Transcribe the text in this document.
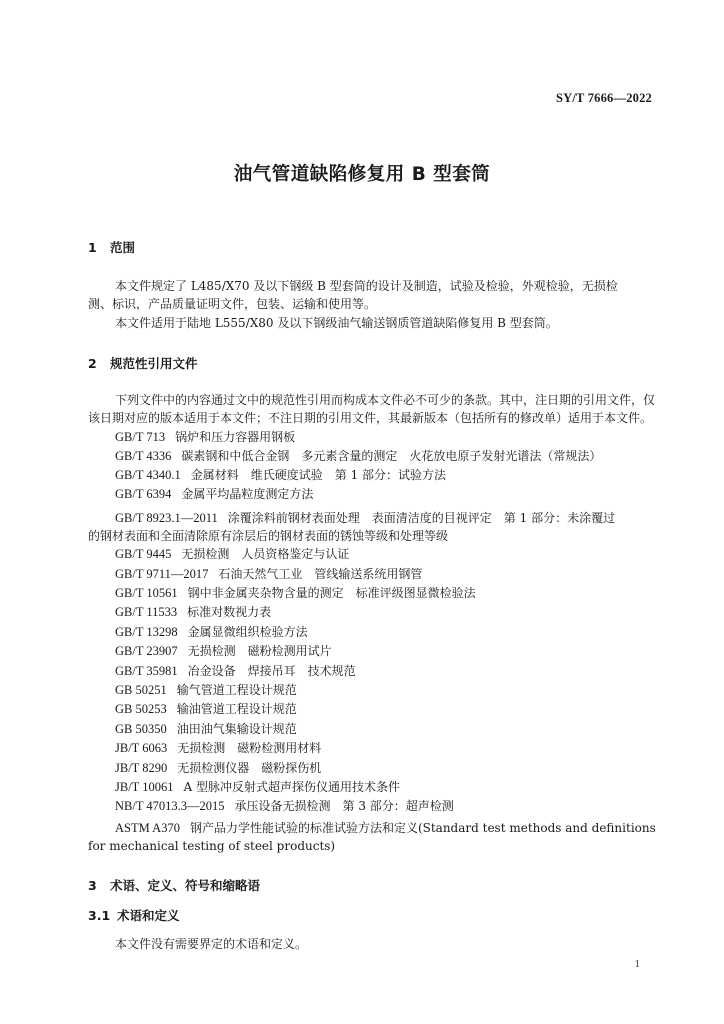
SY/T 7666—2022
油气管道缺陷修复用 B 型套筒
1 范围
本文件规定了 L485/X70 及以下钢级 B 型套筒的设计及制造，试验及检验，外观检验，无损检
测、标识，产品质量证明文件，包装、运输和使用等。
本文件适用于陆地 L555/X80 及以下钢级油气输送钢质管道缺陷修复用 B 型套筒。
2 规范性引用文件
下列文件中的内容通过文中的规范性引用而构成本文件必不可少的条款。其中，注日期的引用文件，仅
该日期对应的版本适用于本文件；不注日期的引用文件，其最新版本（包括所有的修改单）适用于本文件。
GB/T 713 锅炉和压力容器用钢板
GB/T 4336 碳素钢和中低合金钢　多元素含量的测定　火花放电原子发射光谱法（常规法）
GB/T 4340.1 金属材料　维氏硬度试验　第 1 部分：试验方法
GB/T 6394 金属平均晶粒度测定方法
GB/T 8923.1—2011 涂覆涂料前钢材表面处理　表面清洁度的目视评定　第 1 部分：未涂覆过
的钢材表面和全面清除原有涂层后的钢材表面的锈蚀等级和处理等级
GB/T 9445 无损检测　人员资格鉴定与认证
GB/T 9711—2017 石油天然气工业　管线输送系统用钢管
GB/T 10561 钢中非金属夹杂物含量的测定　标准评级图显微检验法
GB/T 11533 标准对数视力表
GB/T 13298 金属显微组织检验方法
GB/T 23907 无损检测　磁粉检测用试片
GB/T 35981 冶金设备　焊接吊耳　技术规范
GB 50251 输气管道工程设计规范
GB 50253 输油管道工程设计规范
GB 50350 油田油气集输设计规范
JB/T 6063 无损检测　磁粉检测用材料
JB/T 8290 无损检测仪器　磁粉探伤机
JB/T 10061 A 型脉冲反射式超声探伤仪通用技术条件
NB/T 47013.3—2015 承压设备无损检测　第 3 部分：超声检测
ASTM A370 钢产品力学性能试验的标准试验方法和定义(Standard test methods and definitions
for mechanical testing of steel products)
3 术语、定义、符号和缩略语
3.1 术语和定义
本文件没有需要界定的术语和定义。
1
